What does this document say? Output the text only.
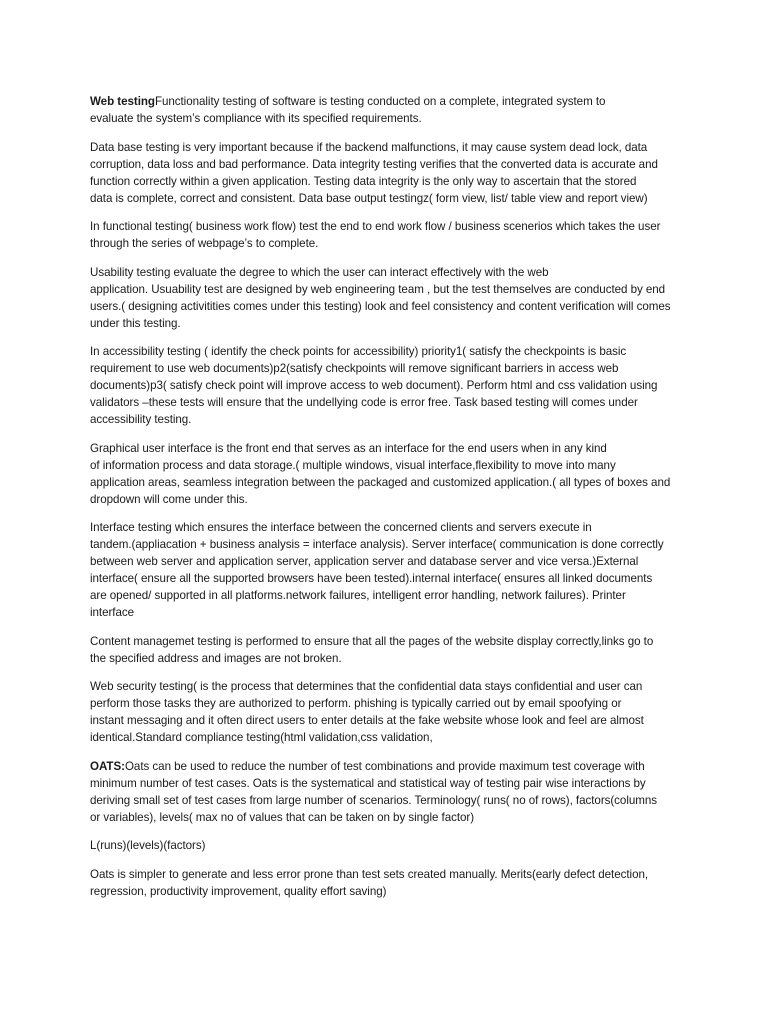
Web testingFunctionality testing of software is testing conducted on a complete, integrated system to
evaluate the system’s compliance with its specified requirements.

Data base testing is very important because if the backend malfunctions, it may cause system dead lock, data
corruption, data loss and bad performance. Data integrity testing verifies that the converted data is accurate and
function correctly within a given application. Testing data integrity is the only way to ascertain that the stored
data is complete, correct and consistent. Data base output testingz( form view, list/ table view and report view)

In functional testing( business work flow) test the end to end work flow / business scenerios which takes the user
through the series of webpage’s to complete.

Usability testing evaluate the degree to which the user can interact effectively with the web
application. Usuability test are designed by web engineering team , but the test themselves are conducted by end
users.( designing activitities comes under this testing) look and feel consistency and content verification will comes
under this testing.

In accessibility testing ( identify the check points for accessibility) priority1( satisfy the checkpoints is basic
requirement to use web documents)p2(satisfy checkpoints will remove significant barriers in access web
documents)p3( satisfy check point will improve access to web document). Perform html and css validation using
validators –these tests will ensure that the undellying code is error free. Task based testing will comes under
accessibility testing.

Graphical user interface is the front end that serves as an interface for the end users when in any kind
of information process and data storage.( multiple windows, visual interface,flexibility to move into many
application areas, seamless integration between the packaged and customized application.( all types of boxes and
dropdown will come under this.

Interface testing which ensures the interface between the concerned clients and servers execute in
tandem.(appliacation + business analysis = interface analysis). Server interface( communication is done correctly
between web server and application server, application server and database server and vice versa.)External
interface( ensure all the supported browsers have been tested).internal interface( ensures all linked documents
are opened/ supported in all platforms.network failures, intelligent error handling, network failures). Printer
interface

Content managemet testing is performed to ensure that all the pages of the website display correctly,links go to
the specified address and images are not broken.

Web security testing( is the process that determines that the confidential data stays confidential and user can
perform those tasks they are authorized to perform. phishing is typically carried out by email spoofying or
instant messaging and it often direct users to enter details at the fake website whose look and feel are almost
identical.Standard compliance testing(html validation,css validation,

OATS:Oats can be used to reduce the number of test combinations and provide maximum test coverage with
minimum number of test cases. Oats is the systematical and statistical way of testing pair wise interactions by
deriving small set of test cases from large number of scenarios. Terminology( runs( no of rows), factors(columns
or variables), levels( max no of values that can be taken on by single factor)

L(runs)(levels)(factors)

Oats is simpler to generate and less error prone than test sets created manually. Merits(early defect detection,
regression, productivity improvement, quality effort saving)
